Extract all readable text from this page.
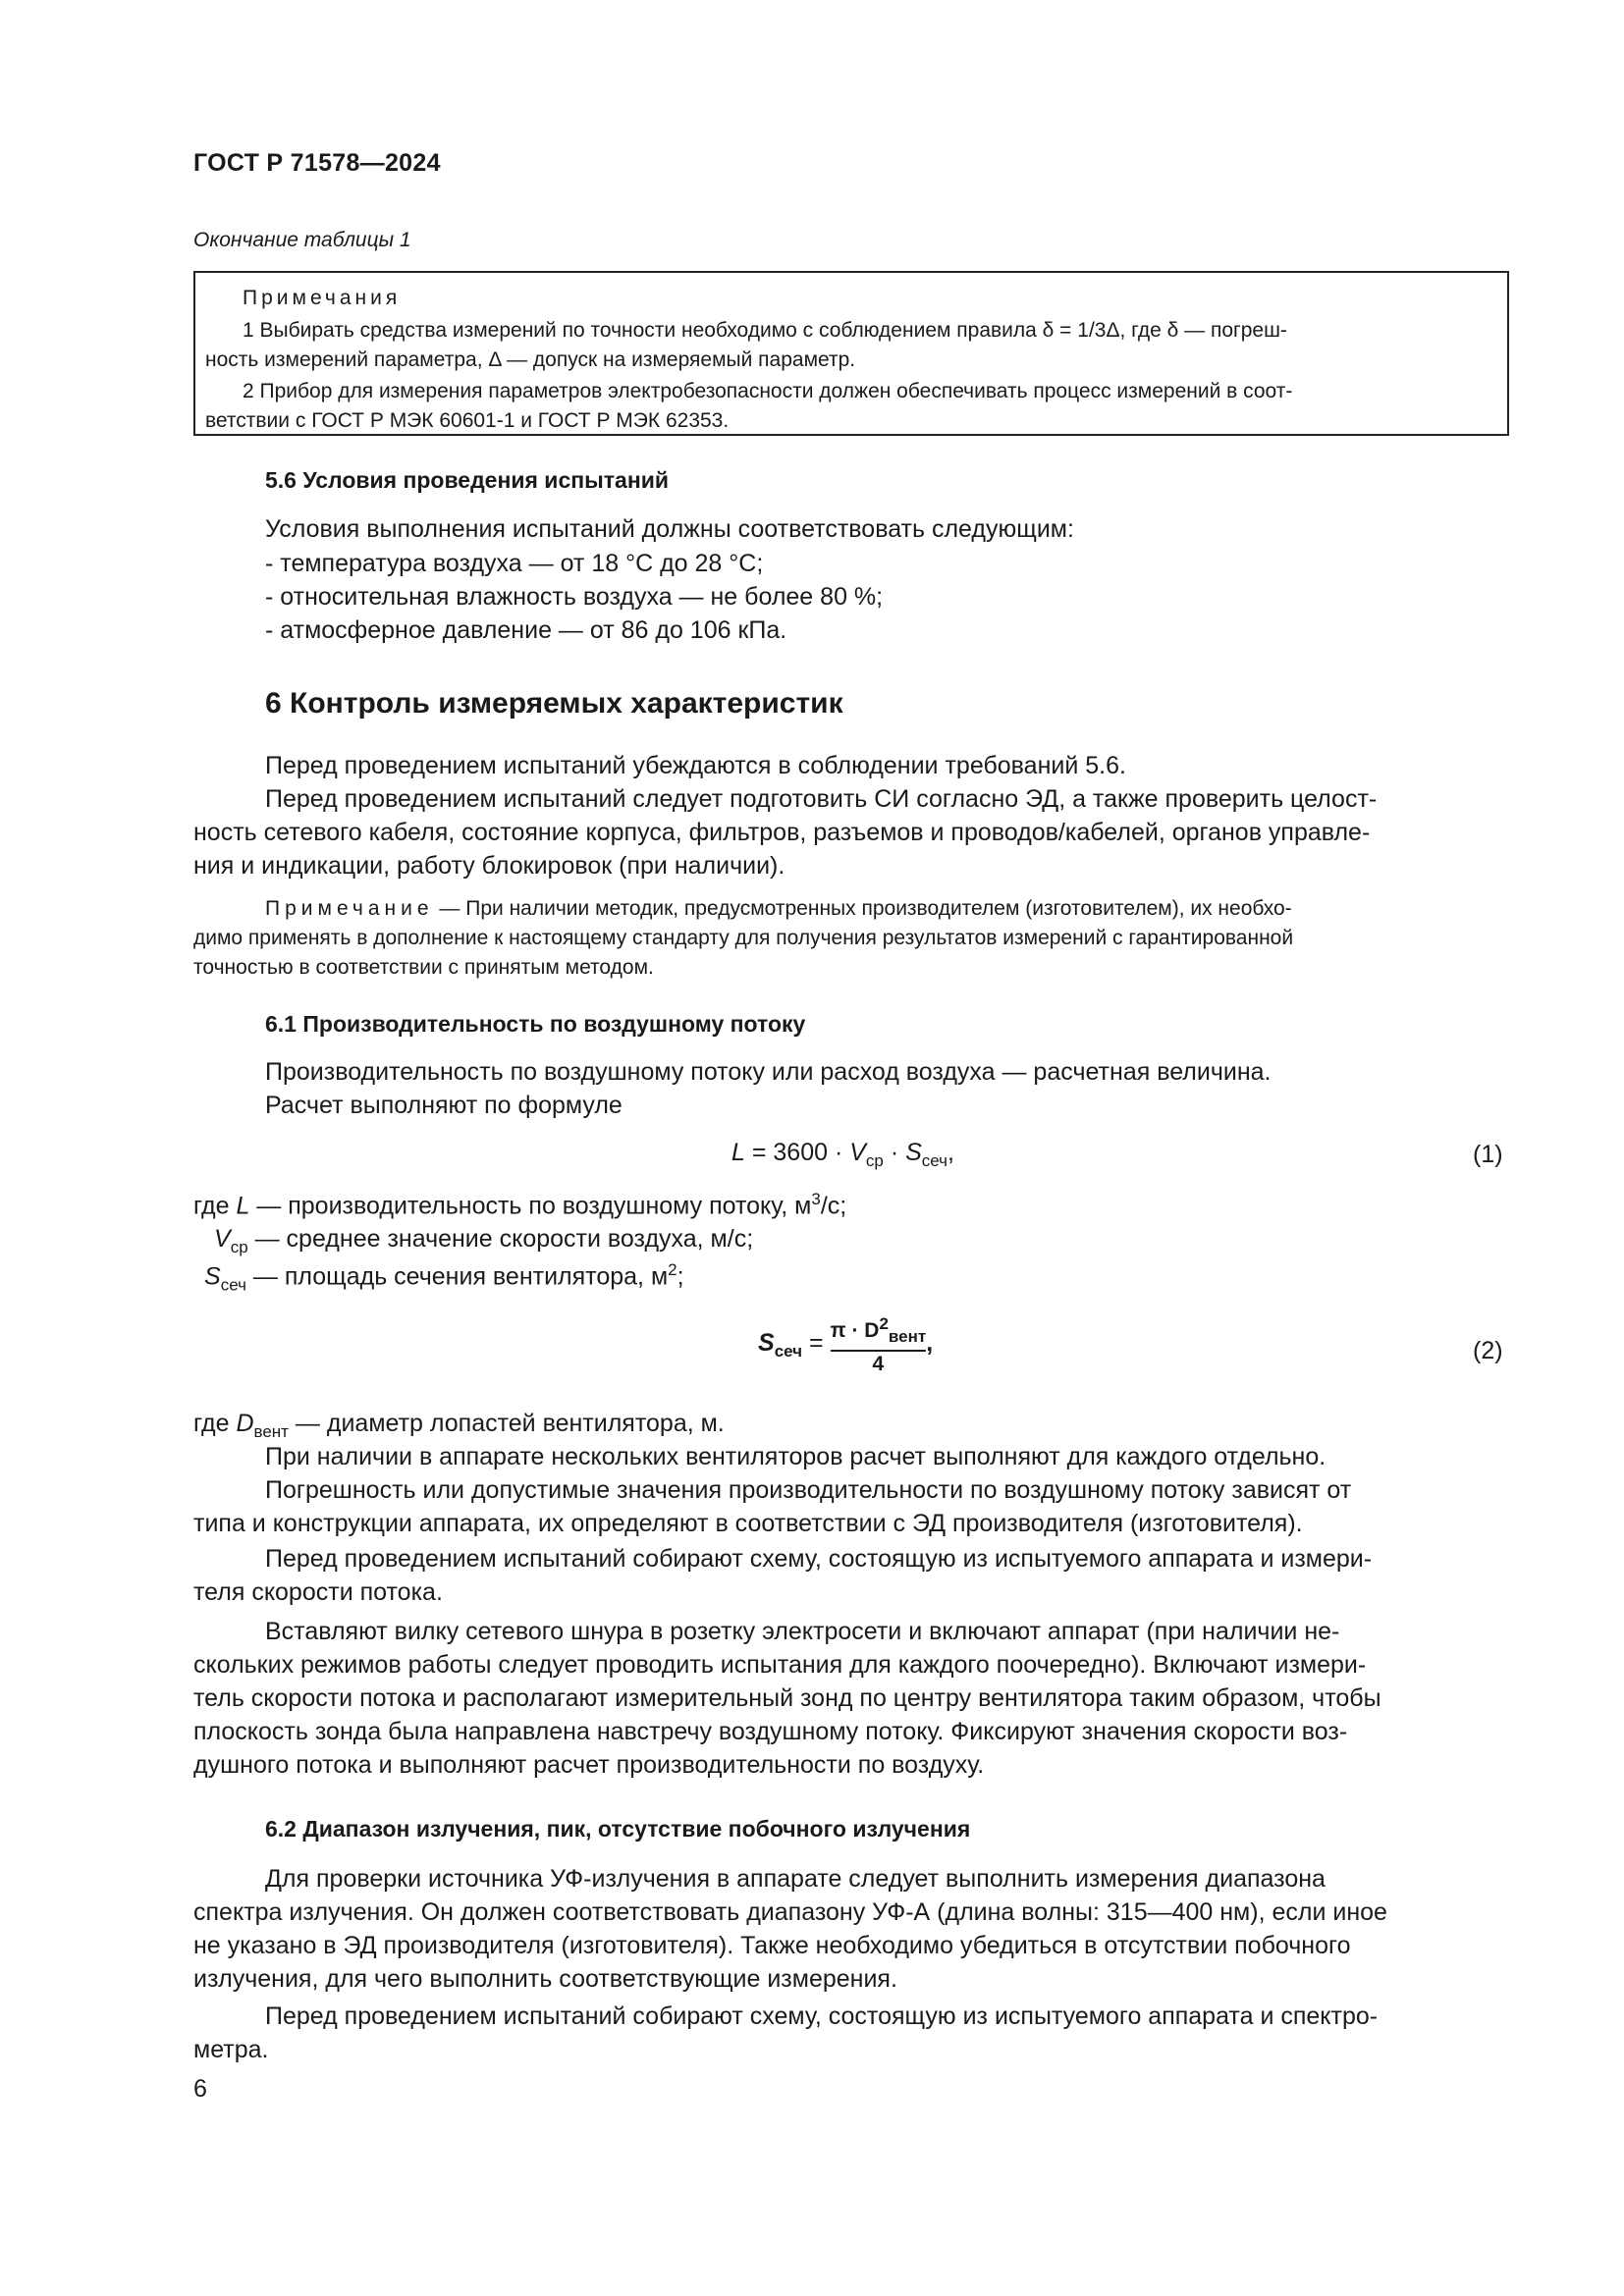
ГОСТ Р 71578—2024
Окончание таблицы 1
Примечания
1 Выбирать средства измерений по точности необходимо с соблюдением правила δ = 1/3Δ, где δ — погреш-
ность измерений параметра, Δ — допуск на измеряемый параметр.
2 Прибор для измерения параметров электробезопасности должен обеспечивать процесс измерений в соот-
ветствии с ГОСТ Р МЭК 60601-1 и ГОСТ Р МЭК 62353.
5.6 Условия проведения испытаний
Условия выполнения испытаний должны соответствовать следующим:
- температура воздуха — от 18 °С до 28 °С;
- относительная влажность воздуха — не более 80 %;
- атмосферное давление — от 86 до 106 кПа.
6 Контроль измеряемых характеристик
Перед проведением испытаний убеждаются в соблюдении требований 5.6.
Перед проведением испытаний следует подготовить СИ согласно ЭД, а также проверить целост-
ность сетевого кабеля, состояние корпуса, фильтров, разъемов и проводов/кабелей, органов управле-
ния и индикации, работу блокировок (при наличии).
Примечание — При наличии методик, предусмотренных производителем (изготовителем), их необхо-
димо применять в дополнение к настоящему стандарту для получения результатов измерений с гарантированной
точностью в соответствии с принятым методом.
6.1 Производительность по воздушному потоку
Производительность по воздушному потоку или расход воздуха — расчетная величина.
Расчет выполняют по формуле
$L = 3600 \cdot V_{ср} \cdot S_{сеч}$,	(1)
где L — производительность по воздушному потоку, $м^3/с$;
$V_{ср}$ — среднее значение скорости воздуха, м/с;
$S_{сеч}$ — площадь сечения вентилятора, $м^2$;
$S_{сеч} = \frac{\pi \cdot D^2_{вент}}{4}$ ,	(2)
где $D_{вент}$ — диаметр лопастей вентилятора, м.
При наличии в аппарате нескольких вентиляторов расчет выполняют для каждого отдельно.
Погрешность или допустимые значения производительности по воздушному потоку зависят от
типа и конструкции аппарата, их определяют в соответствии с ЭД производителя (изготовителя).
Перед проведением испытаний собирают схему, состоящую из испытуемого аппарата и измери-
теля скорости потока.
Вставляют вилку сетевого шнура в розетку электросети и включают аппарат (при наличии не-
скольких режимов работы следует проводить испытания для каждого поочередно). Включают измери-
тель скорости потока и располагают измерительный зонд по центру вентилятора таким образом, чтобы
плоскость зонда была направлена навстречу воздушному потоку. Фиксируют значения скорости воз-
душного потока и выполняют расчет производительности по воздуху.
6.2 Диапазон излучения, пик, отсутствие побочного излучения
Для проверки источника УФ-излучения в аппарате следует выполнить измерения диапазона
спектра излучения. Он должен соответствовать диапазону УФ-А (длина волны: 315—400 нм), если иное
не указано в ЭД производителя (изготовителя). Также необходимо убедиться в отсутствии побочного
излучения, для чего выполнить соответствующие измерения.
Перед проведением испытаний собирают схему, состоящую из испытуемого аппарата и спектро-
метра.
6
